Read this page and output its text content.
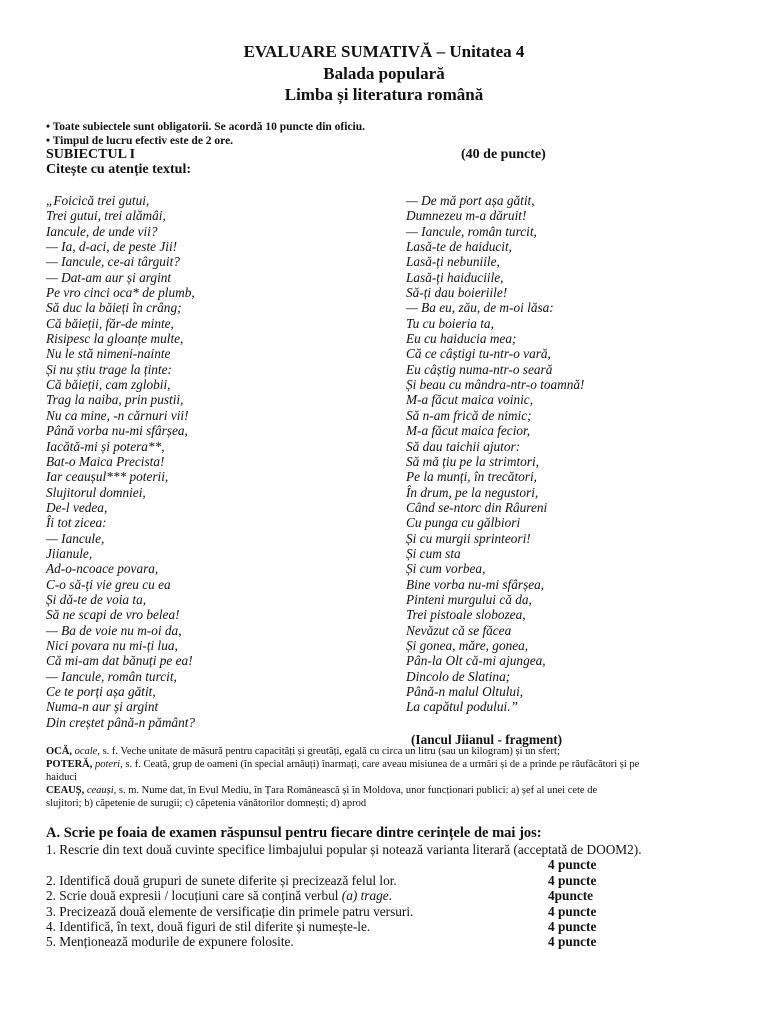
EVALUARE SUMATIVĂ – Unitatea 4
Balada populară
Limba și literatura română
• Toate subiectele sunt obligatorii. Se acordă 10 puncte din oficiu.
• Timpul de lucru efectiv este de 2 ore.
SUBIECTUL I	(40 de puncte)
Citește cu atenție textul:
„Foicică trei gutui,
Trei gutui, trei alămâi,
Iancule, de unde vii?
— Ia, d-aci, de peste Jii!
— Iancule, ce-ai târguit?
— Dat-am aur și argint
Pe vro cinci oca* de plumb,
Să duc la băieți în crâng;
Că băieții, făr-de minte,
Risipesc la gloanțe multe,
Nu le stă nimeni-nainte
Și nu știu trage la ținte:
Că băieții, cam zglobii,
Trag la naiba, prin pustii,
Nu ca mine, -n cărnuri vii!
Până vorba nu-mi sfârșea,
Iacătă-mi și potera**,
Bat-o Maica Precista!
Iar ceaușul*** poterii,
Slujitorul domniei,
De-l vedea,
Îi tot zicea:
— Iancule,
Jiianule,
Ad-o-ncoace povara,
C-o să-ți vie greu cu ea
Și dă-te de voia ta,
Să ne scapi de vro belea!
— Ba de voie nu m-oi da,
Nici povara nu mi-ți lua,
Că mi-am dat bănuți pe ea!
— Iancule, român turcit,
Ce te porți așa gătit,
Numa-n aur și argint
Din creștet până-n pământ?
— De mă port așa gătit,
Dumnezeu m-a dăruit!
— Iancule, român turcit,
Lasă-te de haiducit,
Lasă-ți nebuniile,
Lasă-ți haiduciile,
Să-ți dau boieriile!
— Ba eu, zău, de m-oi lăsa:
Tu cu boieria ta,
Eu cu haiducia mea;
Că ce câștigi tu-ntr-o vară,
Eu câștig numa-ntr-o seară
Și beau cu mândra-ntr-o toamnă!
M-a făcut maica voinic,
Să n-am frică de nimic;
M-a făcut maica fecior,
Să dau taichii ajutor:
Să mă țiu pe la strimtori,
Pe la munți, în trecători,
În drum, pe la negustori,
Când se-ntorc din Râureni
Cu punga cu gălbiori
Și cu murgii sprinteori!
Și cum sta
Și cum vorbea,
Bine vorba nu-mi sfârșea,
Pinteni murgului că da,
Trei pistoale slobozea,
Nevăzut că se făcea
Și gonea, măre, gonea,
Pân-la Olt că-mi ajungea,
Dincolo de Slatina;
Până-n malul Oltului,
La capătul podului.”
(Iancul Jiianul - fragment)
OCĂ, ocale, s. f. Veche unitate de măsură pentru capacități și greutăți, egală cu circa un litru (sau un kilogram) și un sfert;
POTERĂ, poteri, s. f. Ceată, grup de oameni (în special arnăuți) înarmați, care aveau misiunea de a urmări și de a prinde pe răufăcători și pe
haiduci
CEAUȘ, ceauși, s. m. Nume dat, în Evul Mediu, în Țara Românească și în Moldova, unor funcționari publici: a) șef al unei cete de
slujitori; b) căpetenie de surugii; c) căpetenia vânătorilor domnești; d) aprod
A. Scrie pe foaia de examen răspunsul pentru fiecare dintre cerințele de mai jos:
1. Rescrie din text două cuvinte specifice limbajului popular și notează varianta literară (acceptată de DOOM2).
4 puncte
2. Identifică două grupuri de sunete diferite și precizează felul lor.	4 puncte
2. Scrie două expresii / locuțiuni care să conțină verbul (a) trage.	4puncte
3. Precizează două elemente de versificație din primele patru versuri.	4 puncte
4. Identifică, în text, două figuri de stil diferite și numește-le.	4 puncte
5. Menționează modurile de expunere folosite.	4 puncte
